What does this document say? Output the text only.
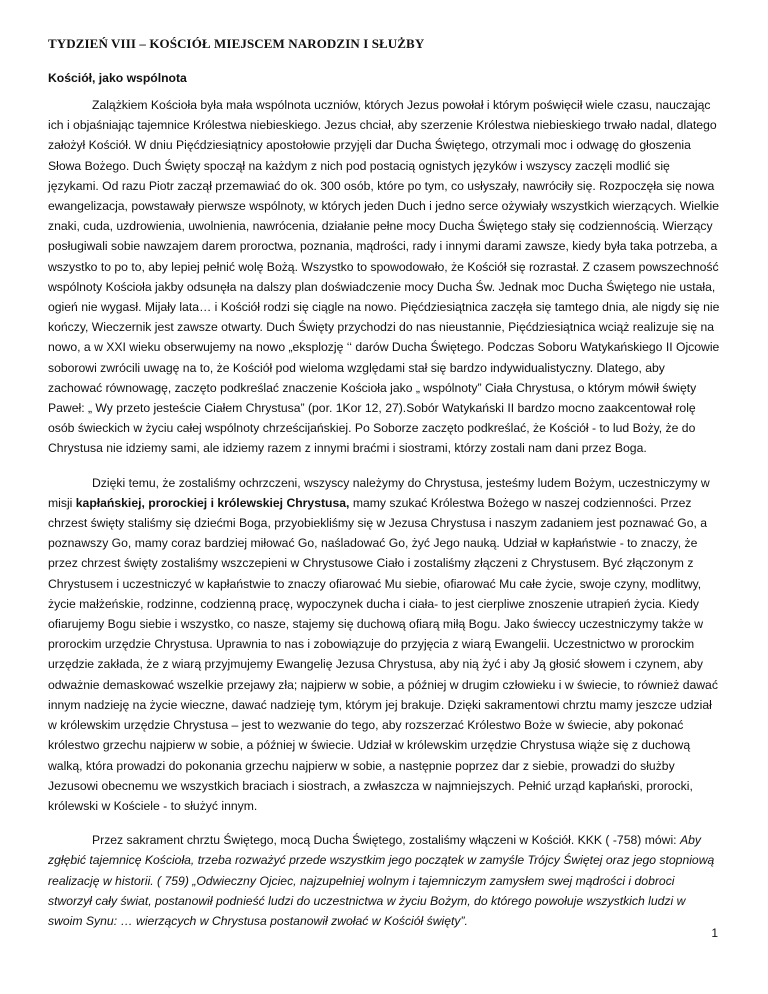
TYDZIEŃ VIII – KOŚCIÓŁ MIEJSCEM NARODZIN I SŁUŻBY
Kościół, jako wspólnota

Zalążkiem Kościoła była mała wspólnota uczniów, których Jezus powołał i którym poświęcił wiele czasu, nauczając ich i objaśniając tajemnice Królestwa niebieskiego. Jezus chciał, aby szerzenie Królestwa niebieskiego trwało nadal, dlatego założył Kościół. W dniu Pięćdziesiątnicy apostołowie przyjęli dar Ducha Świętego, otrzymali moc i odwagę do głoszenia Słowa Bożego. Duch Święty spoczął na każdym z nich pod postacią ognistych języków i wszyscy zaczęli modlić się językami. Od razu Piotr zaczął przemawiać do ok. 300 osób, które po tym, co usłyszały, nawróciły się. Rozpoczęła się nowa ewangelizacja, powstawały pierwsze wspólnoty, w których jeden Duch i jedno serce ożywiały wszystkich wierzących. Wielkie znaki, cuda, uzdrowienia, uwolnienia, nawrócenia, działanie pełne mocy Ducha Świętego stały się codziennością. Wierzący posługiwali sobie nawzajem darem proroctwa, poznania, mądrości, rady i innymi darami zawsze, kiedy była taka potrzeba, a wszystko to po to, aby lepiej pełnić wolę Bożą. Wszystko to spowodowało, że Kościół się rozrastał. Z czasem powszechność wspólnoty Kościoła jakby odsunęła na dalszy plan doświadczenie mocy Ducha Św. Jednak moc Ducha Świętego nie ustała, ogień nie wygasł. Mijały lata… i Kościół rodzi się ciągle na nowo. Pięćdziesiątnica zaczęła się tamtego dnia, ale nigdy się nie kończy, Wieczernik jest zawsze otwarty. Duch Święty przychodzi do nas nieustannie, Pięćdziesiątnica wciąż realizuje się na nowo, a w XXI wieku obserwujemy na nowo „eksplozję ‘‘ darów Ducha Świętego. Podczas Soboru Watykańskiego II Ojcowie soborowi zwrócili uwagę na to, że Kościół pod wieloma względami stał się bardzo indywidualistyczny. Dlatego, aby zachować równowagę, zaczęto podkreślać znaczenie Kościoła jako „ wspólnoty” Ciała Chrystusa, o którym mówił święty Paweł: „ Wy przeto jesteście Ciałem Chrystusa” (por. 1Kor 12, 27).Sobór Watykański II bardzo mocno zaakcentował rolę osób świeckich w życiu całej wspólnoty chrześcijańskiej. Po Soborze zaczęto podkreślać, że Kościół - to lud Boży, że do Chrystusa nie idziemy sami, ale idziemy razem z innymi braćmi i siostrami, którzy zostali nam dani przez Boga.

Dzięki temu, że zostaliśmy ochrzczeni, wszyscy należymy do Chrystusa, jesteśmy ludem Bożym, uczestniczymy w misji kapłańskiej, prorockiej i królewskiej Chrystusa, mamy szukać Królestwa Bożego w naszej codzienności. Przez chrzest święty staliśmy się dziećmi Boga, przyobiekliśmy się w Jezusa Chrystusa i naszym zadaniem jest poznawać Go, a poznawszy Go, mamy coraz bardziej miłować Go, naśladować Go, żyć Jego nauką. Udział w kapłaństwie - to znaczy, że przez chrzest święty zostaliśmy wszczepieni w Chrystusowe Ciało i zostaliśmy złączeni z Chrystusem. Być złączonym z Chrystusem i uczestniczyć w kapłaństwie to znaczy ofiarować Mu siebie, ofiarować Mu całe życie, swoje czyny, modlitwy, życie małżeńskie, rodzinne, codzienną pracę, wypoczynek ducha i ciała- to jest cierpliwe znoszenie utrapień życia. Kiedy ofiarujemy Bogu siebie i wszystko, co nasze, stajemy się duchową ofiarą miłą Bogu. Jako świeccy uczestniczymy także w prorockim urzędzie Chrystusa. Uprawnia to nas i zobowiązuje do przyjęcia z wiarą Ewangelii. Uczestnictwo w prorockim urzędzie zakłada, że z wiarą przyjmujemy Ewangelię Jezusa Chrystusa, aby nią żyć i aby Ją głosić słowem i czynem, aby odważnie demaskować wszelkie przejawy zła; najpierw w sobie, a później w drugim człowieku i w świecie, to również dawać innym nadzieję na życie wieczne, dawać nadzieję tym, którym jej brakuje. Dzięki sakramentowi chrztu mamy jeszcze udział w królewskim urzędzie Chrystusa – jest to wezwanie do tego, aby rozszerzać Królestwo Boże w świecie, aby pokonać królestwo grzechu najpierw w sobie, a później w świecie. Udział w królewskim urzędzie Chrystusa wiąże się z duchową walką, która prowadzi do pokonania grzechu najpierw w sobie, a następnie poprzez dar z siebie, prowadzi do służby Jezusowi obecnemu we wszystkich braciach i siostrach, a zwłaszcza w najmniejszych. Pełnić urząd kapłański, prorocki, królewski w Kościele - to służyć innym.

Przez sakrament chrztu Świętego, mocą Ducha Świętego, zostaliśmy włączeni w Kościół. KKK ( -758) mówi: Aby zgłębić tajemnicę Kościoła, trzeba rozważyć przede wszystkim jego początek w zamyśle Trójcy Świętej oraz jego stopniową realizację w historii. ( 759) „Odwieczny Ojciec, najzupełniej wolnym i tajemniczym zamysłem swej mądrości i dobroci stworzył cały świat, postanowił podnieść ludzi do uczestnictwa w życiu Bożym, do którego powołuje wszystkich ludzi w swoim Synu: … wierzących w Chrystusa postanowił zwołać w Kościół święty”.

1
